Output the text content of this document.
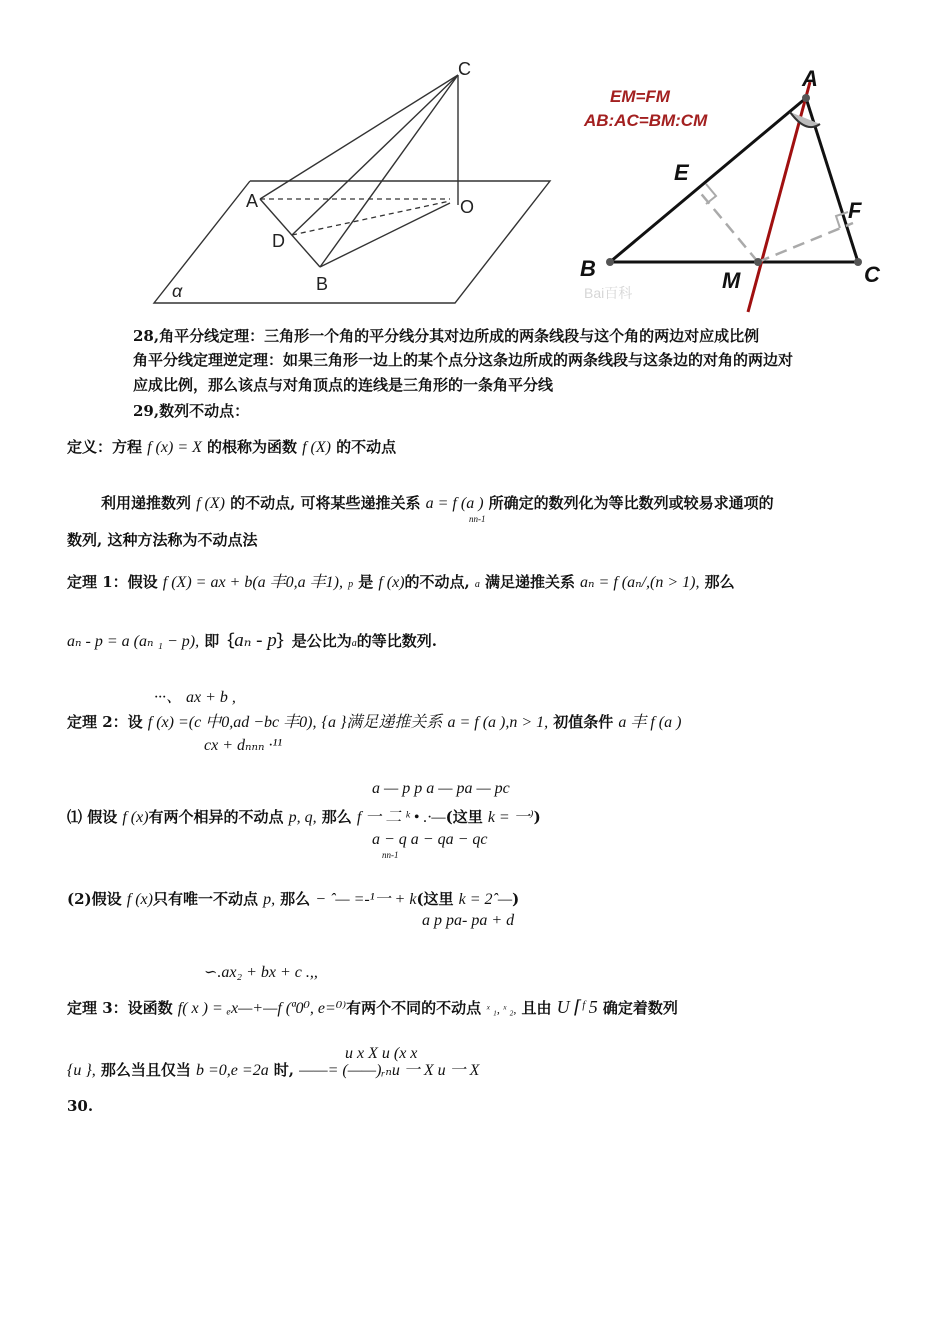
C
A	O
D
B
α
EM=FM
AB:AC=BM:CM
A
E
F
B	M	C
Bai百科
28,角平分线定理：三角形一个角的平分线分其对边所成的两条线段与这个角的两边对应成比例
角平分线定理逆定理：如果三角形一边上的某个点分这条边所成的两条线段与这条边的对角的两边对
应成比例，那么该点与对角顶点的连线是三角形的一条角平分线
29,数列不动点：
定义：方程 f (x) = X 的根称为函数 f (X) 的不动点
利用递推数列 f (X) 的不动点, 可将某些递推关系 a = f (a ) 所确定的数列化为等比数列或较易求通项的
nn-1
数列, 这种方法称为不动点法
定理 1：假设 f (X) = ax + b(a 丰0,a 丰1), p 是 f (x)的不动点, a 满足递推关系 aₙ = f (aₙ/,(n > 1), 那么
aₙ - p = a (aₙ ₁ − p), 即｛aₙ - p｝是公比为a的等比数列.
···、 ax + b ,
定理 2：设 f (x) =(c 中0,ad −bc 丰0), {a }满足递推关系 a = f (a ),n > 1, 初值条件 a 丰 f (a )
cx + dₙₙₙ ·¹¹
a — p p a — pa — pc
⑴ 假设 f (x)有两个相异的不动点 p, q, 那么 f 一 二 ᵏ • .·—(这里 k = 一⁾)
a − q a − qa − qc
nn-1
(2)假设 f (x)只有唯一不动点 p, 那么 − ˆ— =-¹一 + k(这里 k = 2ˆ—)
a p pa- pa + d
∽.ax₂ + bx + c .,,
定理 3：设函数 f( x ) = ₑx—+—f (ª0⁰, e=⁰⁾有两个不同的不动点 ˣ ₁, ˣ ₂, 且由 U ⌈ᶠ 5 确定着数列
u x X u (x x
{u }, 那么当且仅当 b =0,e =2a 时, ——= (——)ᵣₙu 一 X u 一 X
30.
